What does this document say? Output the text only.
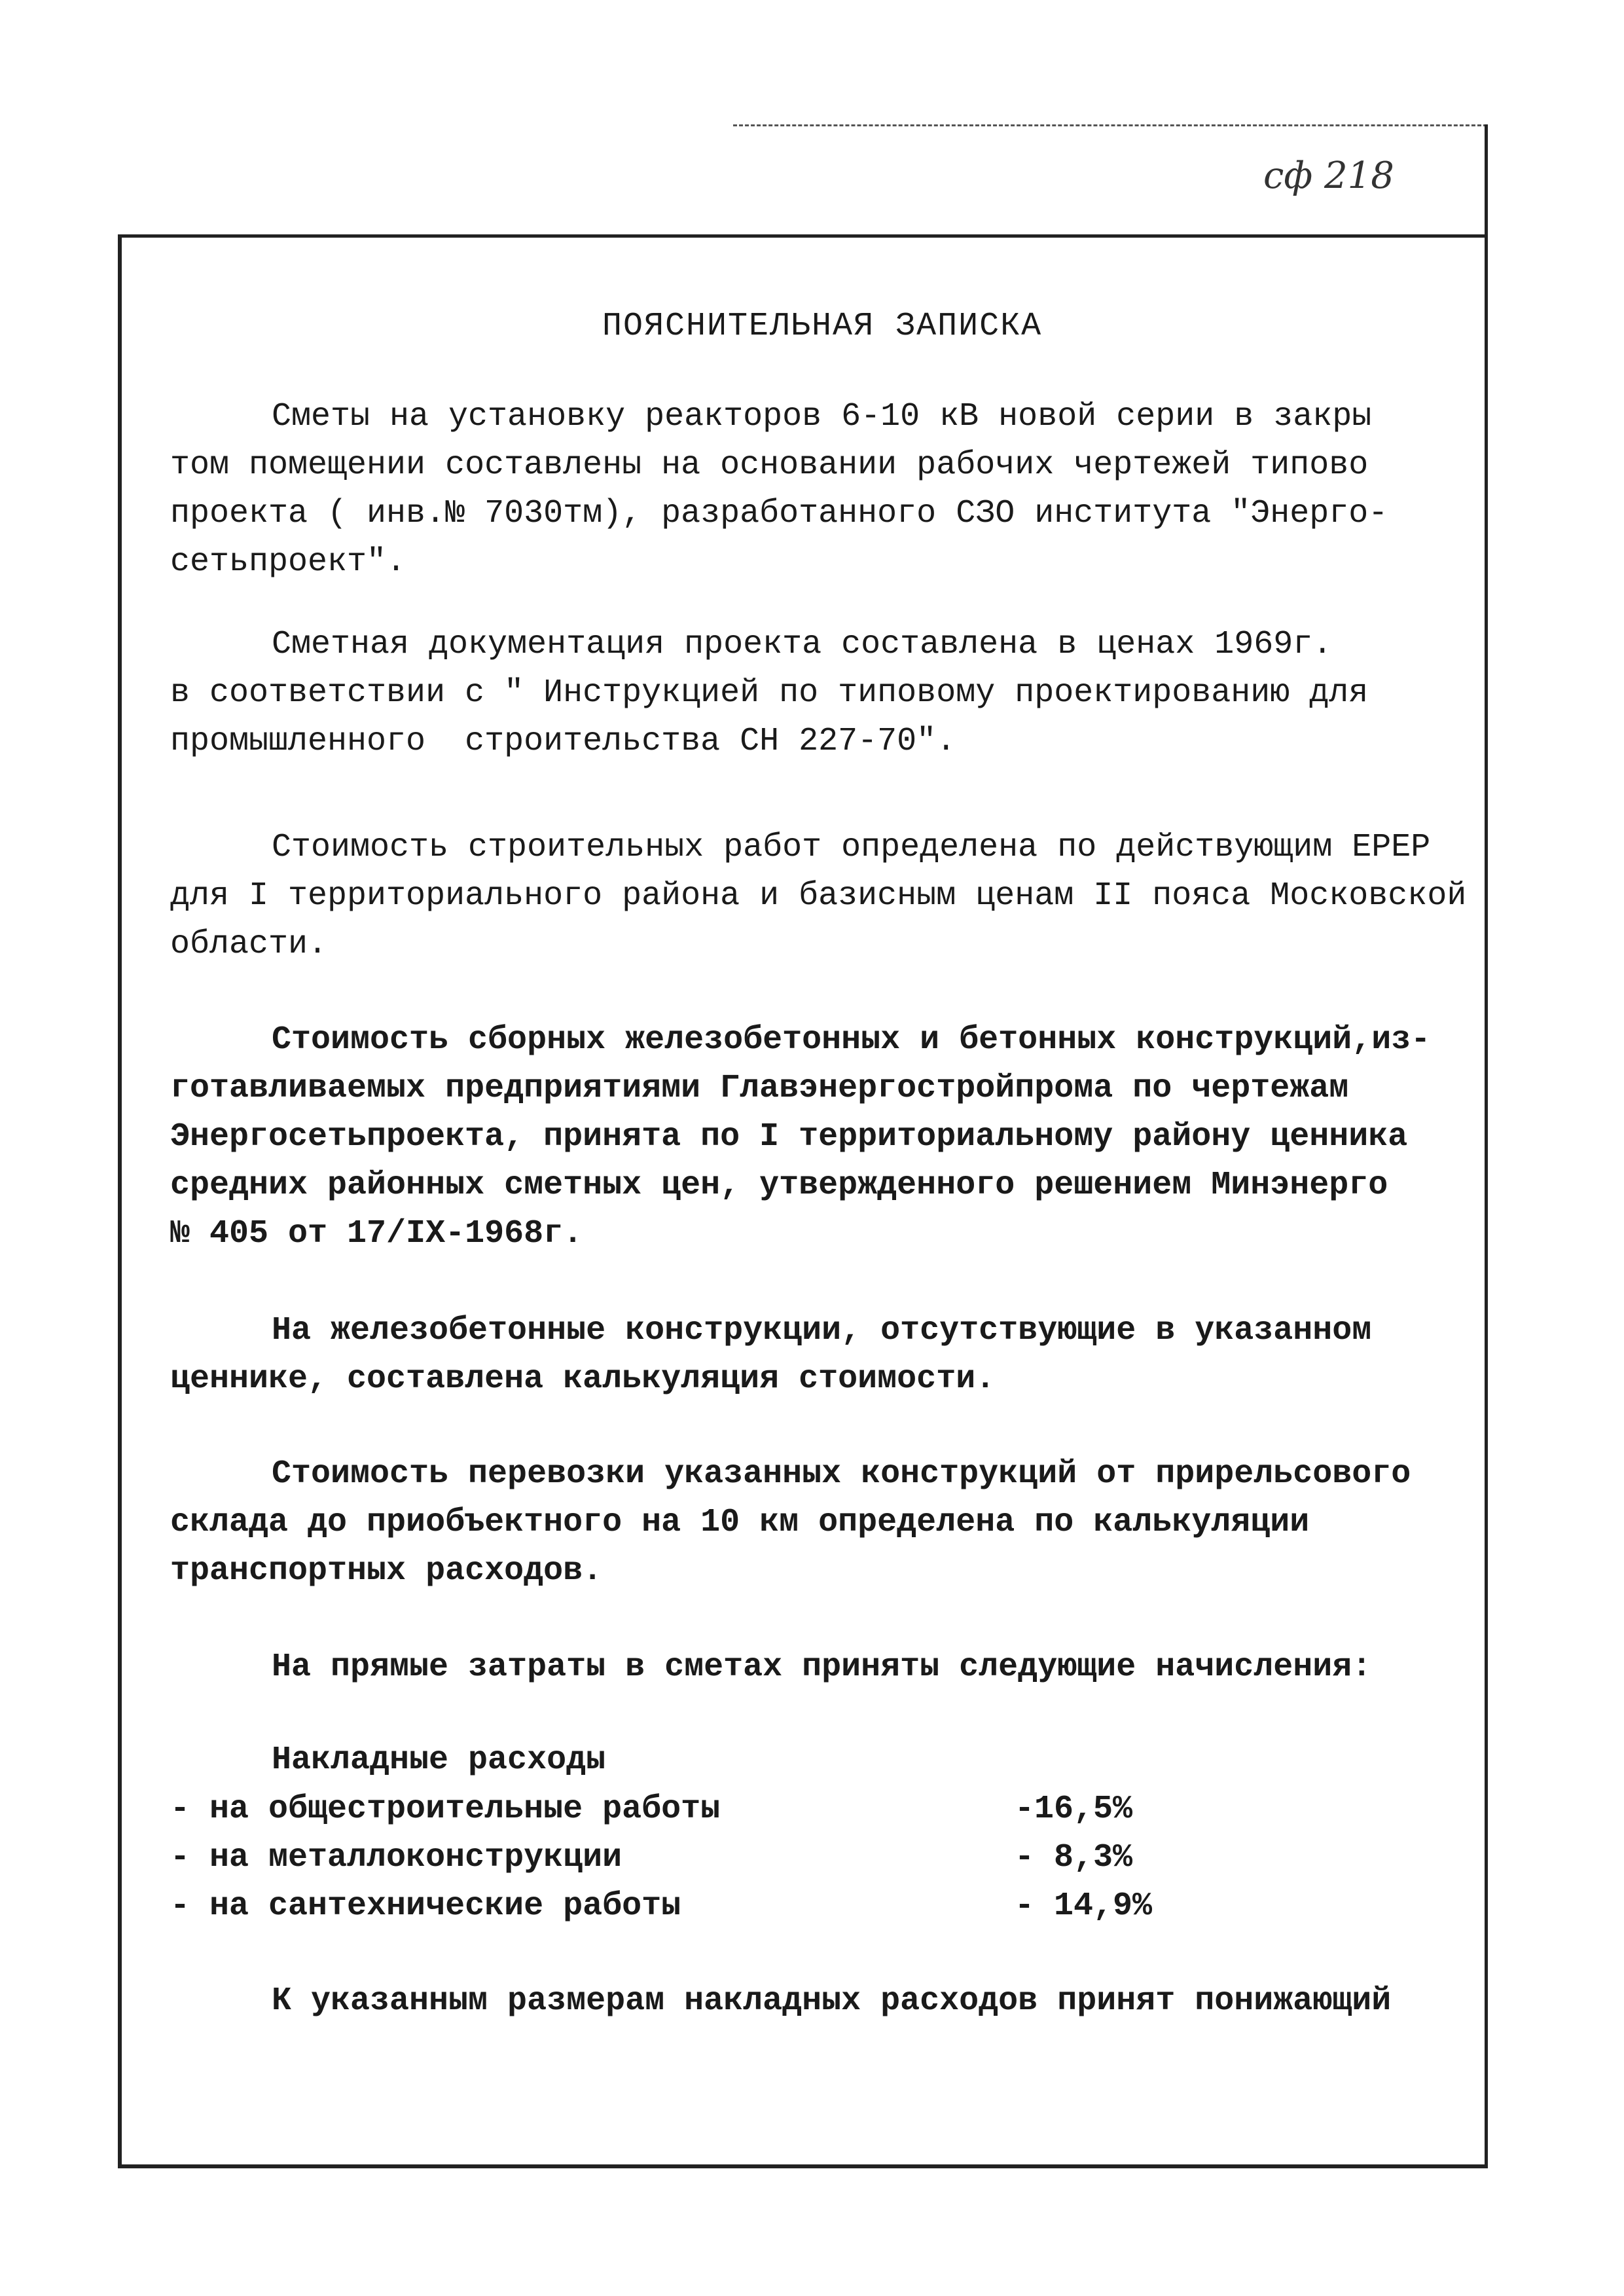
сф 218
ПОЯСНИТЕЛЬНАЯ ЗАПИСКА
Сметы на установку реакторов 6-10 кВ новой серии в закры
том помещении составлены на основании рабочих чертежей типово
проекта ( инв.№ 7030тм), разработанного СЗО института "Энерго-
сетьпроект".
Сметная документация проекта составлена в ценах 1969г.
в соответствии с " Инструкцией по типовому проектированию для
промышленного  строительства СН 227-70".
Стоимость строительных работ определена по действующим ЕРЕР
для I территориального района и базисным ценам II пояса Московской
области.
Стоимость сборных железобетонных и бетонных конструкций,из-
готавливаемых предприятиями Главэнергостройпрома по чертежам
Энергосетьпроекта, принята по I территориальному району ценника
средних районных сметных цен, утвержденного решением Минэнерго
№ 405 от 17/IX-1968г.
На железобетонные конструкции, отсутствующие в указанном
ценнике, составлена калькуляция стоимости.
Стоимость перевозки указанных конструкций от прирельсового
склада до приобъектного на 10 км определена по калькуляции
транспортных расходов.
На прямые затраты в сметах приняты следующие начисления:
Накладные расходы
- на общестроительные работы	-16,5%
- на металлоконструкции	- 8,3%
- на сантехнические работы	- 14,9%
К указанным размерам накладных расходов принят понижающий
